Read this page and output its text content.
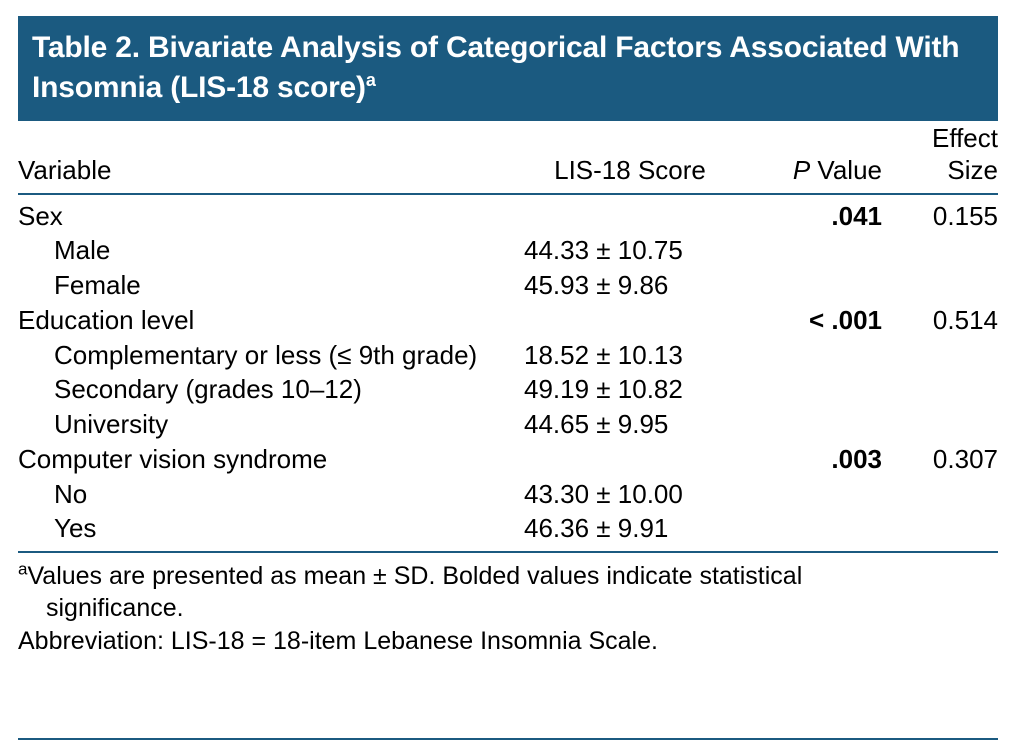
Table 2. Bivariate Analysis of Categorical Factors Associated With Insomnia (LIS-18 score)$^a$
Variable	LIS-18 Score	P Value	Effect
Size

Sex		.041	0.155
Male	44.33 ± 10.75		
Female	45.93 ± 9.86		
Education level		< .001	0.514
Complementary or less (≤ 9th grade)	18.52 ± 10.13		
Secondary (grades 10–12)	49.19 ± 10.82		
University	44.65 ± 9.95		
Computer vision syndrome		.003	0.307
No	43.30 ± 10.00		
Yes	46.36 ± 9.91		

$^a$Values are presented as mean ± SD. Bolded values indicate statistical
significance.

Abbreviation: LIS-18 = 18-item Lebanese Insomnia Scale.
